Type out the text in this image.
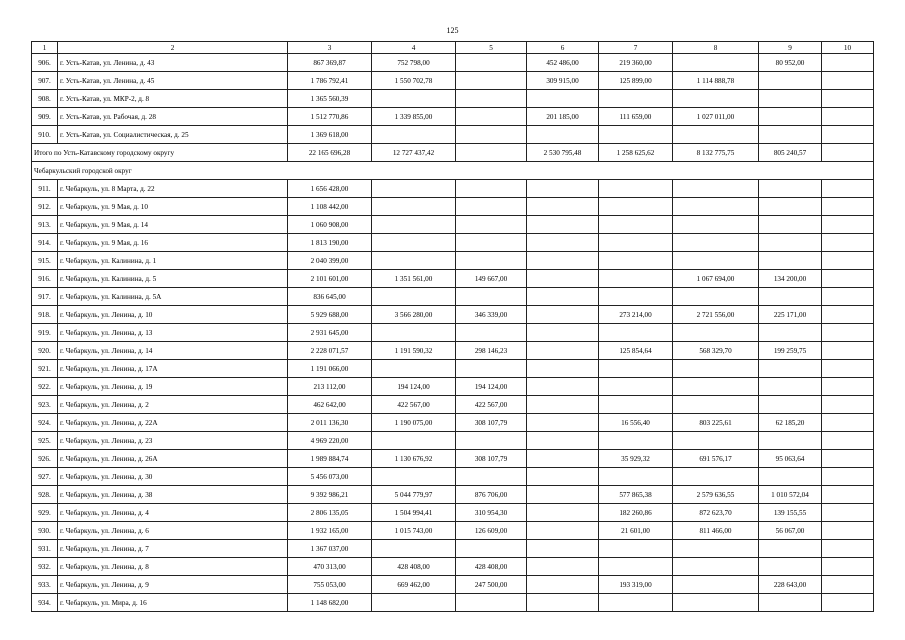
125
1	2	3	4	5	6	7	8	9	10
906.	г. Усть-Катав, ул. Ленина, д. 43	867 369,87	752 798,00		452 486,00	219 360,00		80 952,00	
907.	г. Усть-Катав, ул. Ленина, д. 45	1 786 792,41	1 550 702,78		309 915,00	125 899,00	1 114 888,78		
908.	г. Усть-Катав, ул. МКР-2, д. 8	1 365 560,39							
909.	г. Усть-Катав, ул. Рабочая, д. 28	1 512 770,86	1 339 855,00		201 185,00	111 659,00	1 027 011,00		
910.	г. Усть-Катав, ул. Социалистическая, д. 25	1 369 618,00							
Итого по Усть-Катавскому городскому округу		22 165 696,28	12 727 437,42		2 530 795,48	1 258 625,62	8 132 775,75	805 240,57	
Чебаркульский городской округ									
911.	г. Чебаркуль, ул. 8 Марта, д. 22	1 656 428,00							
912.	г. Чебаркуль, ул. 9 Мая, д. 10	1 108 442,00							
913.	г. Чебаркуль, ул. 9 Мая, д. 14	1 060 908,00							
914.	г. Чебаркуль, ул. 9 Мая, д. 16	1 813 190,00							
915.	г. Чебаркуль, ул. Калинина, д. 1	2 040 399,00							
916.	г. Чебаркуль, ул. Калинина, д. 5	2 101 601,00	1 351 561,00	149 667,00			1 067 694,00	134 200,00	
917.	г. Чебаркуль, ул. Калинина, д. 5А	836 645,00							
918.	г. Чебаркуль, ул. Ленина, д. 10	5 929 688,00	3 566 280,00	346 339,00		273 214,00	2 721 556,00	225 171,00	
919.	г. Чебаркуль, ул. Ленина, д. 13	2 931 645,00							
920.	г. Чебаркуль, ул. Ленина, д. 14	2 228 071,57	1 191 590,32	298 146,23		125 854,64	568 329,70	199 259,75	
921.	г. Чебаркуль, ул. Ленина, д. 17А	1 191 066,00							
922.	г. Чебаркуль, ул. Ленина, д. 19	213 112,00	194 124,00	194 124,00					
923.	г. Чебаркуль, ул. Ленина, д. 2	462 642,00	422 567,00	422 567,00					
924.	г. Чебаркуль, ул. Ленина, д. 22А	2 011 136,30	1 190 075,00	308 107,79		16 556,40	803 225,61	62 185,20	
925.	г. Чебаркуль, ул. Ленина, д. 23	4 969 220,00							
926.	г. Чебаркуль, ул. Ленина, д. 26А	1 989 884,74	1 130 676,92	308 107,79		35 929,32	691 576,17	95 063,64	
927.	г. Чебаркуль, ул. Ленина, д. 30	5 456 073,00							
928.	г. Чебаркуль, ул. Ленина, д. 38	9 392 986,21	5 044 779,97	876 706,00		577 865,38	2 579 636,55	1 010 572,04	
929.	г. Чебаркуль, ул. Ленина, д. 4	2 806 135,05	1 504 994,41	310 954,30		182 260,86	872 623,70	139 155,55	
930.	г. Чебаркуль, ул. Ленина, д. 6	1 932 165,00	1 015 743,00	126 609,00		21 601,00	811 466,00	56 067,00	
931.	г. Чебаркуль, ул. Ленина, д. 7	1 367 037,00							
932.	г. Чебаркуль, ул. Ленина, д. 8	470 313,00	428 408,00	428 408,00					
933.	г. Чебаркуль, ул. Ленина, д. 9	755 053,00	669 462,00	247 500,00		193 319,00		228 643,00	
934.	г. Чебаркуль, ул. Мира, д. 16	1 148 682,00							
